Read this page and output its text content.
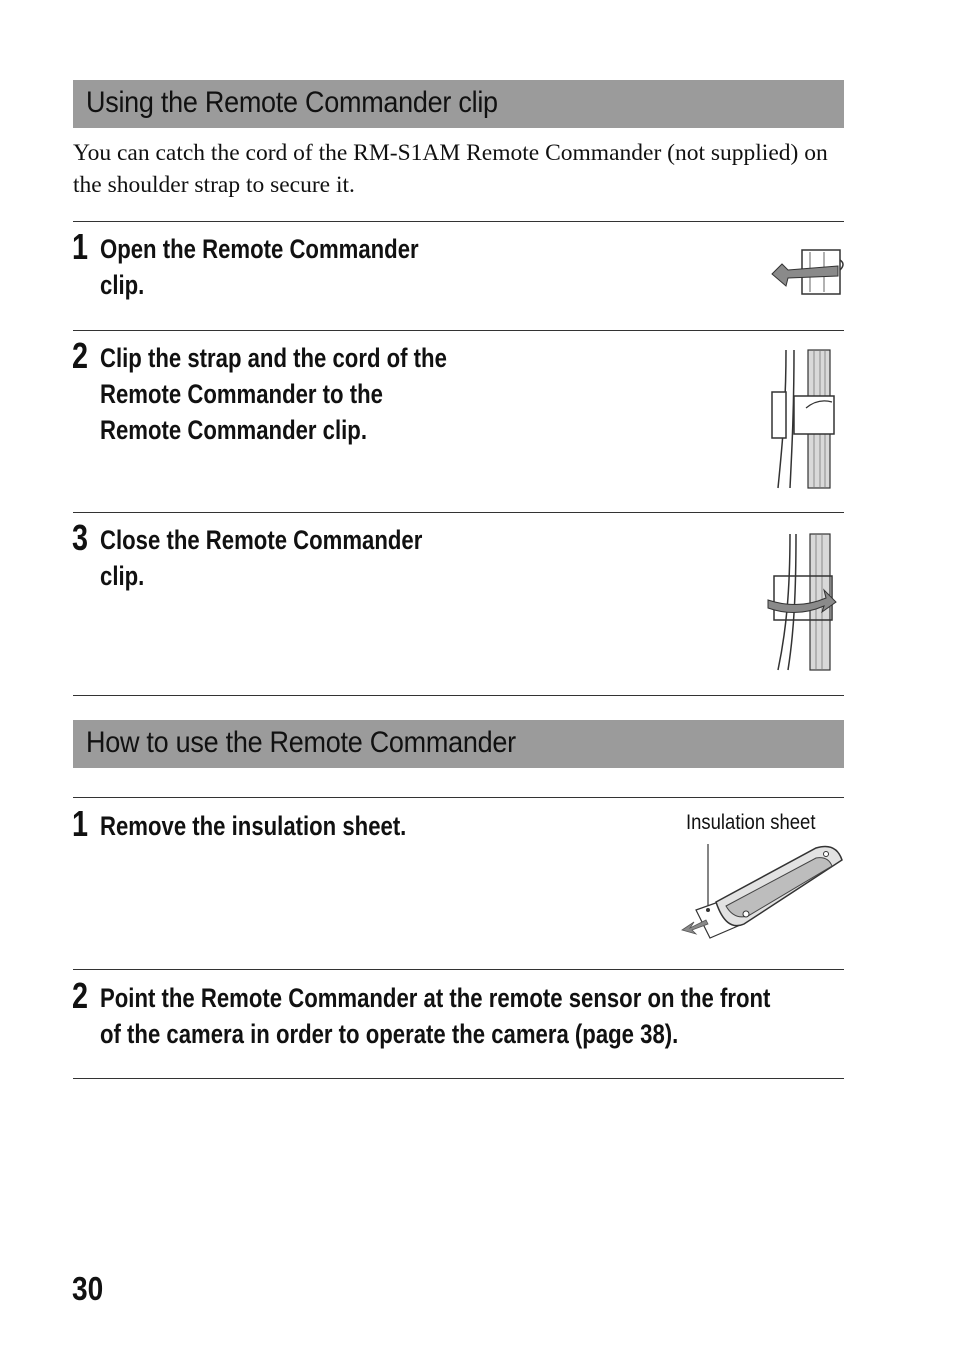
Using the Remote Commander clip
You can catch the cord of the RM-S1AM Remote Commander (not supplied) on the shoulder strap to secure it.
1 Open the Remote Commander
clip.
2 Clip the strap and the cord of the
Remote Commander to the
Remote Commander clip.
3 Close the Remote Commander
clip.
How to use the Remote Commander
1 Remove the insulation sheet.	Insulation sheet
2 Point the Remote Commander at the remote sensor on the front
of the camera in order to operate the camera (page 38).
30
